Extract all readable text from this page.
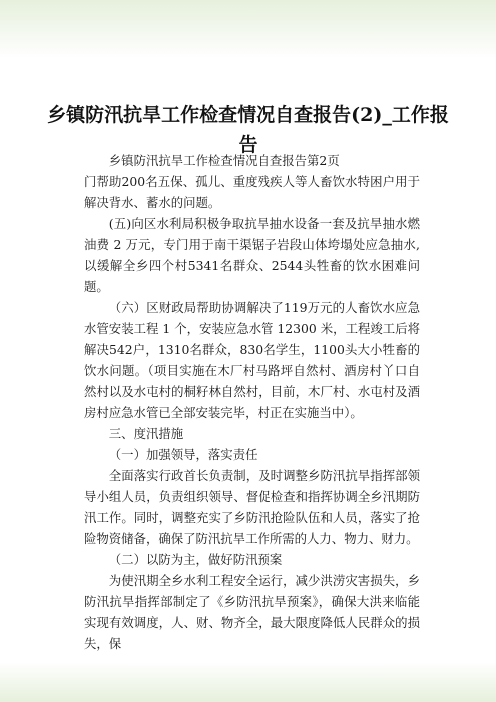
乡镇防汛抗旱工作检查情况自查报告(2)_工作报告

乡镇防汛抗旱工作检查情况自查报告第2页

门帮助200名五保、孤儿、重度残疾人等人畜饮水特困户用于解决背水、蓄水的问题。

(五)向区水利局积极争取抗旱抽水设备一套及抗旱抽水燃油费 2 万元，专门用于南干渠锯子岩段山体垮塌处应急抽水,以缓解全乡四个村5341名群众、2544头牲畜的饮水困难问题。

（六）区财政局帮助协调解决了119万元的人畜饮水应急水管安装工程 1 个，安装应急水管 12300 米，工程竣工后将解决542户，1310名群众，830名学生，1100头大小牲畜的饮水问题。（项目实施在木厂村马路坪自然村、酒房村丫口自然村以及水屯村的桐籽林自然村，目前，木厂村、水屯村及酒房村应急水管已全部安装完毕，村正在实施当中）。

三、度汛措施

（一）加强领导，落实责任

全面落实行政首长负责制，及时调整乡防汛抗旱指挥部领导小组人员，负责组织领导、督促检查和指挥协调全乡汛期防汛工作。同时，调整充实了乡防汛抢险队伍和人员，落实了抢险物资储备，确保了防汛抗旱工作所需的人力、物力、财力。

（二）以防为主，做好防汛预案

为使汛期全乡水利工程安全运行，减少洪涝灾害损失，乡防汛抗旱指挥部制定了《乡防汛抗旱预案》，确保大洪来临能实现有效调度，人、财、物齐全，最大限度降低人民群众的损失，保
